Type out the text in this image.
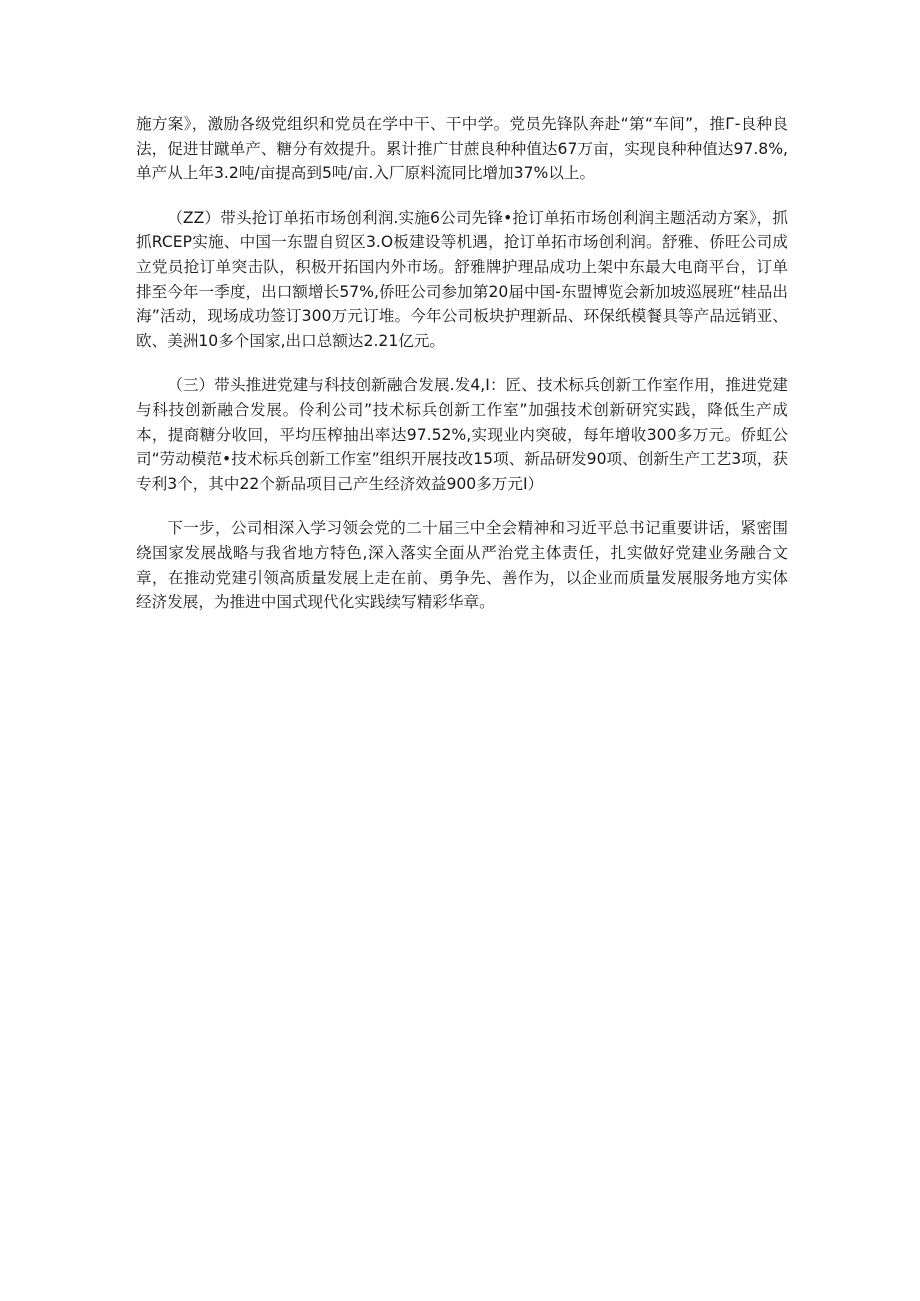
施方案》，激励各级党组织和党员在学中干、干中学。党员先锋队奔赴“第“车间”，推Г-良种良法，促进甘蹴单产、糖分有效提升。累计推广甘蔗良种种值达67万亩，实现良种种值达97.8%,单产从上年3.2吨/亩提高到5吨/亩.入厂原料流同比增加37%以上。

（ZZ）带头抢订单拓市场创利润.实施6公司先锋•抢订单拓市场创利润主题活动方案》，抓抓RCEP实施、中国一东盟自贸区3.O板建设等机遇，抢订单拓市场创利润。舒雅、侨旺公司成立党员抢订单突击队，积极开拓国内外市场。舒雅牌护理品成功上架中东最大电商平台，订单排至今年一季度，出口额增长57%,侨旺公司参加第20届中国-东盟博览会新加坡巡展班“桂品出海”活动，现场成功签订300万元订堆。今年公司板块护理新品、环保纸模餐具等产品远销亚、欧、美洲10多个国家,出口总额达2.21亿元。

（三）带头推进党建与科技创新融合发展.发4,I：匠、技术标兵创新工作室作用，推进党建与科技创新融合发展。伶利公司”技术标兵创新工作室”加强技术创新研究实践，降低生产成本，提商糖分收回，平均压榨抽出率达97.52%,实现业内突破，每年增收300多万元。侨虹公司“劳动模范•技术标兵创新工作室”组织开展技改15项、新品研发90项、创新生产工艺3项，获专利3个，其中22个新品项目己产生经济效益900多万元I）

下一步，公司相深入学习领会党的二十届三中全会精神和习近平总书记重要讲话，紧密围绕国家发展战略与我省地方特色,深入落实全面从严治党主体责任，扎实做好党建业务融合文章，在推动党建引领高质量发展上走在前、勇争先、善作为，以企业而质量发展服务地方实体经济发展，为推进中国式现代化实践续写精彩华章。
